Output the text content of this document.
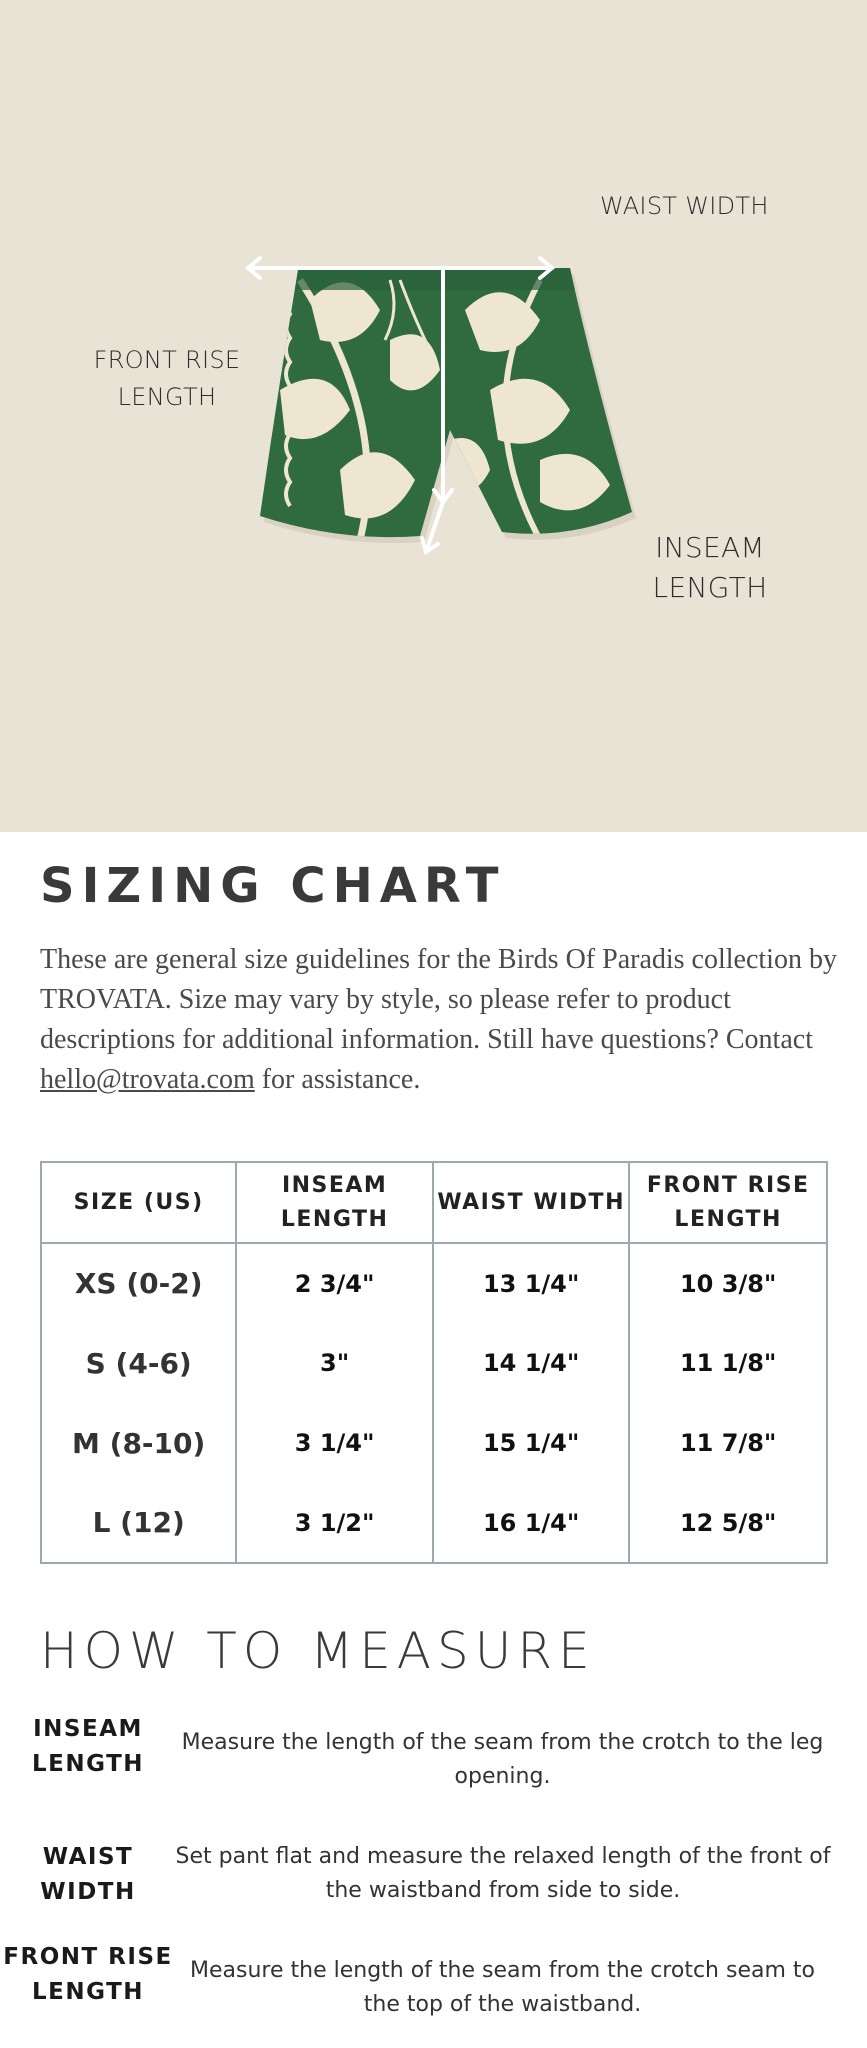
WAIST WIDTH
FRONT RISE LENGTH
INSEAM LENGTH
SIZING CHART

These are general size guidelines for the Birds Of Paradis collection by TROVATA. Size may vary by style, so please refer to product descriptions for additional information. Still have questions? Contact hello@trovata.com for assistance.

SIZE (US)	INSEAM LENGTH	WAIST WIDTH	FRONT RISE LENGTH
XS (0-2)	2 3/4"	13 1/4"	10 3/8"
S (4-6)	3"	14 1/4"	11 1/8"
M (8-10)	3 1/4"	15 1/4"	11 7/8"
L (12)	3 1/2"	16 1/4"	12 5/8"
HOW TO MEASURE
INSEAM LENGTH
Measure the length of the seam from the crotch to the leg opening.
WAIST WIDTH
Set pant flat and measure the relaxed length of the front of the waistband from side to side.
FRONT RISE LENGTH
Measure the length of the seam from the crotch seam to the top of the waistband.
